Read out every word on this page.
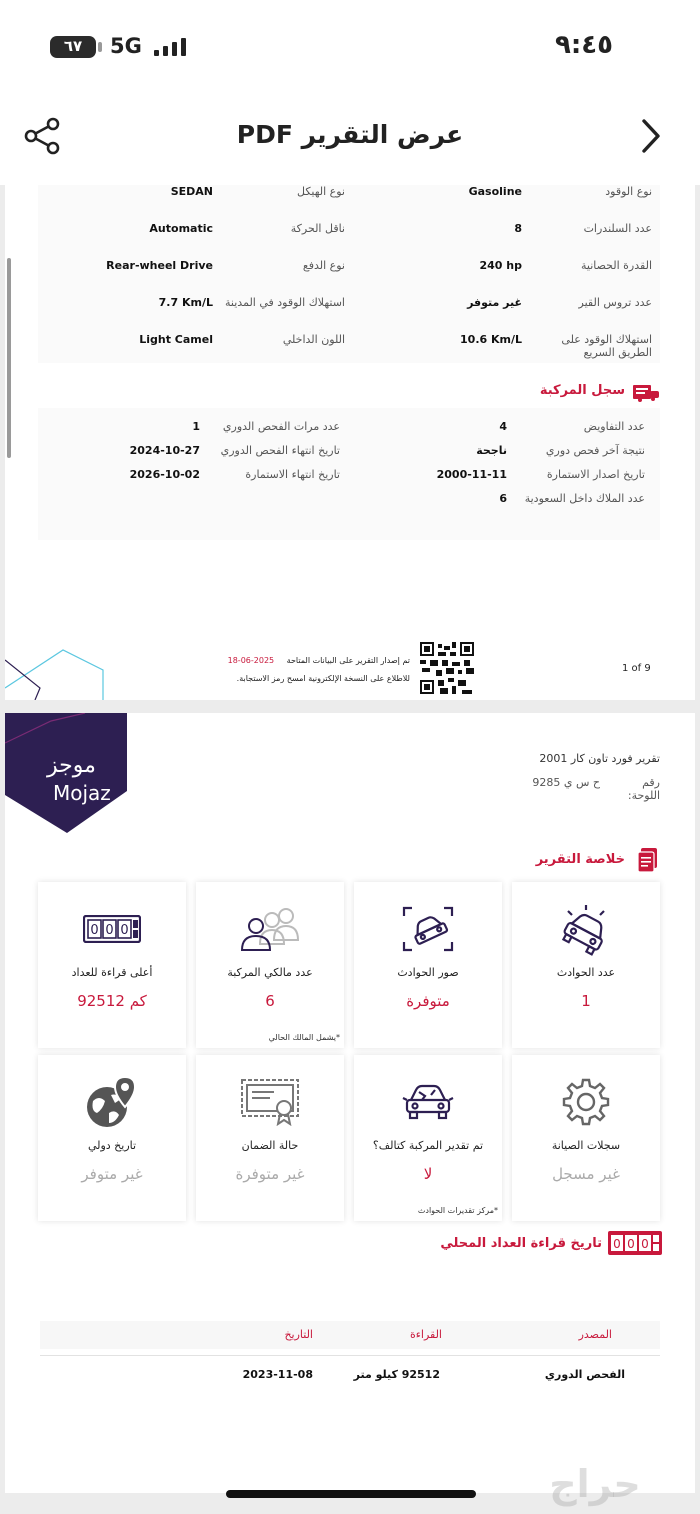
٦٧	5G	٩:٤٥
عرض التقرير PDF
نوع الوقود
Gasoline
نوع الهيكل
SEDAN
عدد السلندرات
8
ناقل الحركة
Automatic
القدرة الحصانية
240 hp
نوع الدفع
Rear-wheel Drive
عدد تروس القير
غير متوفر
استهلاك الوقود في المدينة
7.7 Km/L
استهلاك الوقود على الطريق السريع
10.6 Km/L
اللون الداخلي
Light Camel
سجل المركبة
عدد التفاويض
4
عدد مرات الفحص الدوري
1
نتيجة آخر فحص دوري
ناجحة
تاريخ انتهاء الفحص الدوري
2024-10-27
تاريخ اصدار الاستمارة
2000-11-11
تاريخ انتهاء الاستمارة
2026-10-02
عدد الملاك داخل السعودية
6
1 of 9
تم إصدار التقرير على البيانات المتاحة 2025-06-18
للاطلاع على النسخة الإلكترونية امسح رمز الاستجابة.
موجز
Mojaz
تقرير فورد تاون كار 2001
رقم اللوحة:
ح س ي 9285
خلاصة التقرير
عدد الحوادث
1
صور الحوادث
متوفرة
عدد مالكي المركبة
6
*يشمل المالك الحالي
0 0 0
أعلى قراءة للعداد
92512 كم
سجلات الصيانة
غير مسجل
تم تقدير المركبة كتالف؟
لا
*مركز تقديرات الحوادث
حالة الضمان
غير متوفرة
تاريخ دولي
غير متوفر
تاريخ قراءة العداد المحلي 0 0 0
المصدر
القراءة
التاريخ
الفحص الدوري
92512 كيلو متر
2023-11-08
حراج
